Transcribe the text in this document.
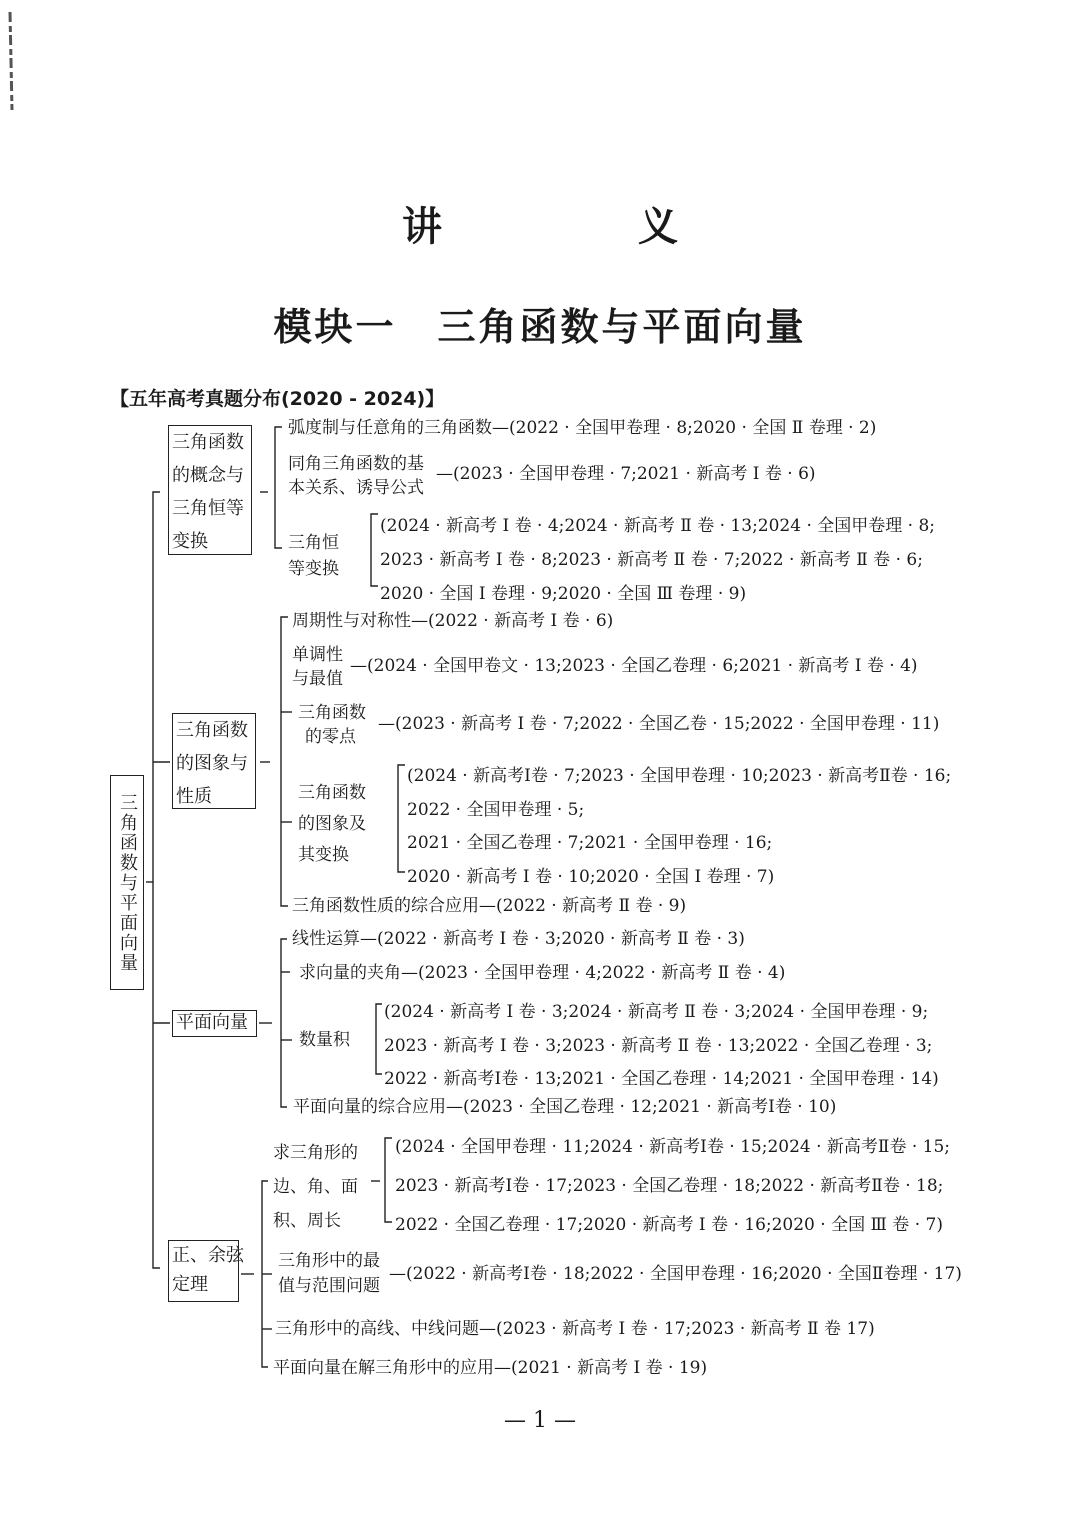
讲　义
模块一　三角函数与平面向量
【五年高考真题分布(2020 - 2024)】
三角函数与平面向量
三角函数
的概念与
三角恒等
变换
弧度制与任意角的三角函数—(2022 · 全国甲卷理 · 8;2020 · 全国 Ⅱ 卷理 · 2)
同角三角函数的基
本关系、诱导公式
—(2023 · 全国甲卷理 · 7;2021 · 新高考 Ⅰ 卷 · 6)
三角恒
等变换
(2024 · 新高考 Ⅰ 卷 · 4;2024 · 新高考 Ⅱ 卷 · 13;2024 · 全国甲卷理 · 8;
2023 · 新高考 Ⅰ 卷 · 8;2023 · 新高考 Ⅱ 卷 · 7;2022 · 新高考 Ⅱ 卷 · 6;
2020 · 全国 Ⅰ 卷理 · 9;2020 · 全国 Ⅲ 卷理 · 9)
三角函数
的图象与
性质
周期性与对称性—(2022 · 新高考 Ⅰ 卷 · 6)
单调性
与最值
—(2024 · 全国甲卷文 · 13;2023 · 全国乙卷理 · 6;2021 · 新高考 Ⅰ 卷 · 4)
三角函数
的零点
—(2023 · 新高考 Ⅰ 卷 · 7;2022 · 全国乙卷 · 15;2022 · 全国甲卷理 · 11)
三角函数
的图象及
其变换
(2024 · 新高考Ⅰ卷 · 7;2023 · 全国甲卷理 · 10;2023 · 新高考Ⅱ卷 · 16;
2022 · 全国甲卷理 · 5;
2021 · 全国乙卷理 · 7;2021 · 全国甲卷理 · 16;
2020 · 新高考 Ⅰ 卷 · 10;2020 · 全国 Ⅰ 卷理 · 7)
三角函数性质的综合应用—(2022 · 新高考 Ⅱ 卷 · 9)
平面向量
线性运算—(2022 · 新高考 Ⅰ 卷 · 3;2020 · 新高考 Ⅱ 卷 · 3)
求向量的夹角—(2023 · 全国甲卷理 · 4;2022 · 新高考 Ⅱ 卷 · 4)
数量积
(2024 · 新高考 Ⅰ 卷 · 3;2024 · 新高考 Ⅱ 卷 · 3;2024 · 全国甲卷理 · 9;
2023 · 新高考 Ⅰ 卷 · 3;2023 · 新高考 Ⅱ 卷 · 13;2022 · 全国乙卷理 · 3;
2022 · 新高考Ⅰ卷 · 13;2021 · 全国乙卷理 · 14;2021 · 全国甲卷理 · 14)
平面向量的综合应用—(2023 · 全国乙卷理 · 12;2021 · 新高考Ⅰ卷 · 10)
正、余弦
定理
求三角形的
边、角、面
积、周长
(2024 · 全国甲卷理 · 11;2024 · 新高考Ⅰ卷 · 15;2024 · 新高考Ⅱ卷 · 15;
2023 · 新高考Ⅰ卷 · 17;2023 · 全国乙卷理 · 18;2022 · 新高考Ⅱ卷 · 18;
2022 · 全国乙卷理 · 17;2020 · 新高考 Ⅰ 卷 · 16;2020 · 全国 Ⅲ 卷 · 7)
三角形中的最
值与范围问题
—(2022 · 新高考Ⅰ卷 · 18;2022 · 全国甲卷理 · 16;2020 · 全国Ⅱ卷理 · 17)
三角形中的高线、中线问题—(2023 · 新高考 Ⅰ 卷 · 17;2023 · 新高考 Ⅱ 卷 17)
平面向量在解三角形中的应用—(2021 · 新高考 Ⅰ 卷 · 19)
— 1 —
